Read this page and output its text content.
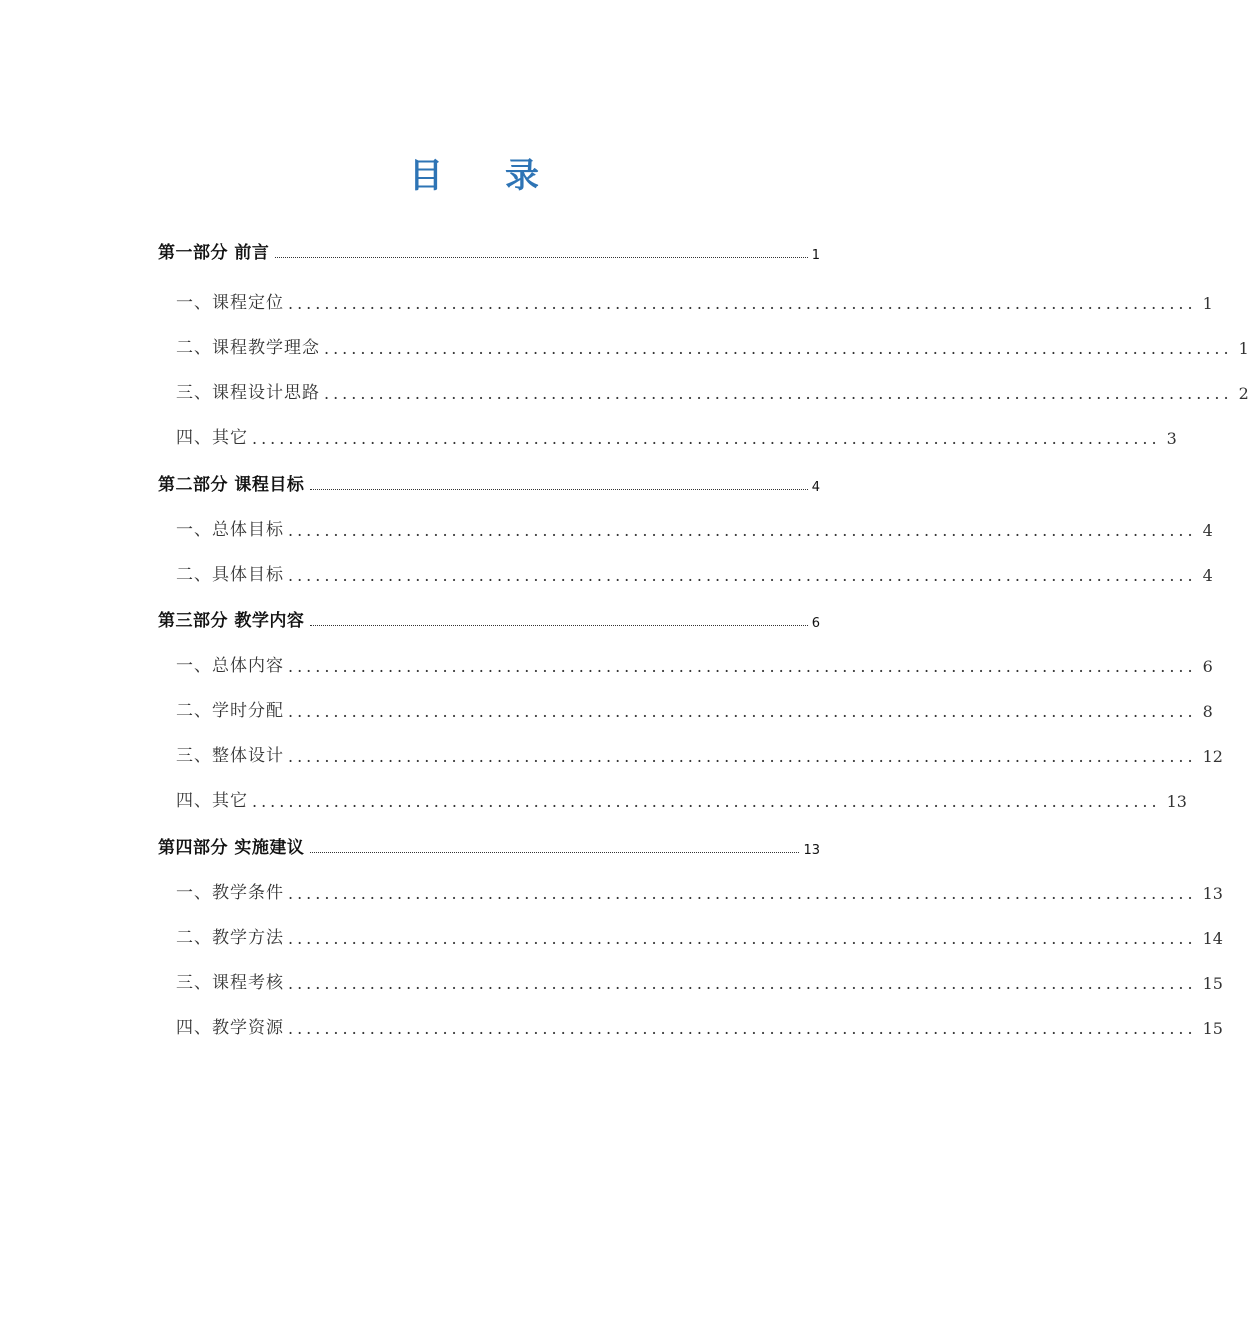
目 录
第一部分 前言	1
一、课程定位 .................................................................................................... 1
二、课程教学理念 .................................................................................................... 1
三、课程设计思路 .................................................................................................... 2
四、其它 .................................................................................................... 3
第二部分 课程目标	4
一、总体目标 .................................................................................................... 4
二、具体目标 .................................................................................................... 4
第三部分 教学内容	6
一、总体内容 .................................................................................................... 6
二、学时分配 .................................................................................................... 8
三、整体设计 .................................................................................................... 12
四、其它 .................................................................................................... 13
第四部分 实施建议	13
一、教学条件 .................................................................................................... 13
二、教学方法 .................................................................................................... 14
三、课程考核 .................................................................................................... 15
四、教学资源 .................................................................................................... 15
